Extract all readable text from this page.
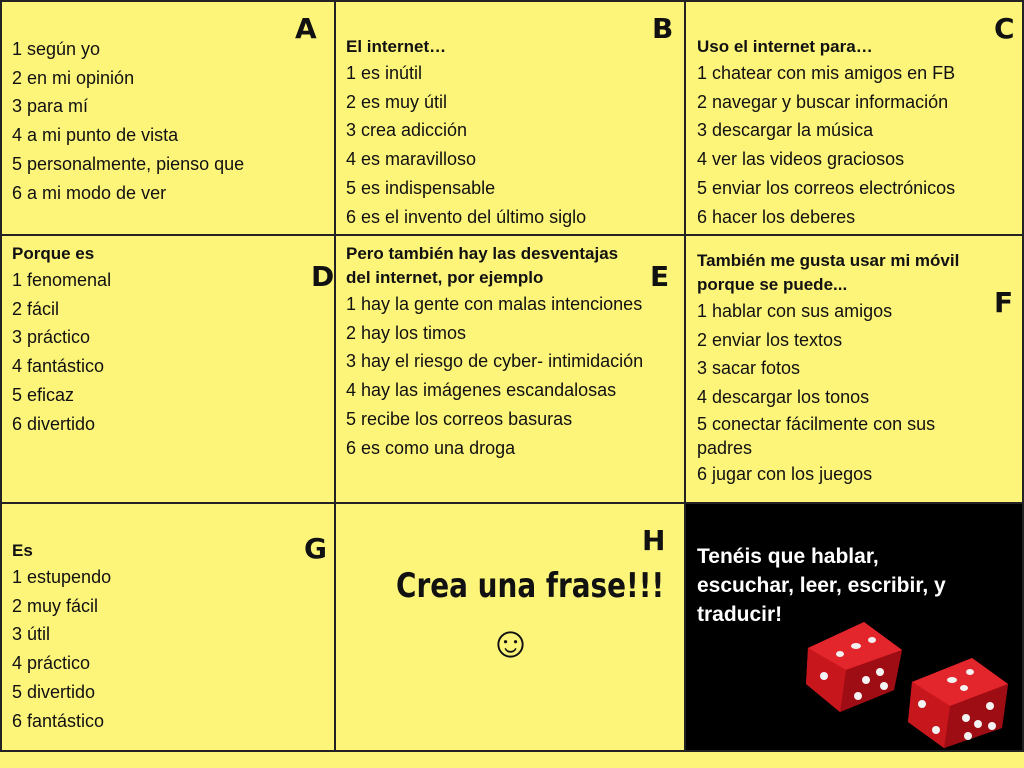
A
1 según yo
2 en mi opinión
3 para mí
4 a mi punto de vista
5 personalmente, pienso que
6 a mi modo de ver
B
El internet…
1 es inútil
2 es muy útil
3 crea adicción
4 es maravilloso
5 es indispensable
6 es el invento del último siglo
C
Uso el internet para…
1 chatear con mis amigos en FB
2 navegar y buscar información
3 descargar la música
4 ver las videos graciosos
5 enviar los correos electrónicos
6 hacer los deberes
D
Porque es
1 fenomenal
2 fácil
3 práctico
4 fantástico
5 eficaz
6 divertido
E
Pero también hay las desventajas
del internet, por ejemplo
1 hay la gente con malas intenciones
2 hay los timos
3 hay el riesgo de cyber- intimidación
4 hay las imágenes escandalosas
5 recibe los correos basuras
6 es como una droga
F
También me gusta usar mi móvil
porque se puede...
1 hablar con sus amigos
2 enviar los textos
3 sacar fotos
4 descargar los tonos
5 conectar fácilmente con sus
padres
6 jugar con los juegos
G
Es
1 estupendo
2 muy fácil
3 útil
4 práctico
5 divertido
6 fantástico
H
Crea una frase!!!
☺
Tenéis que hablar,
escuchar, leer, escribir, y
traducir!
